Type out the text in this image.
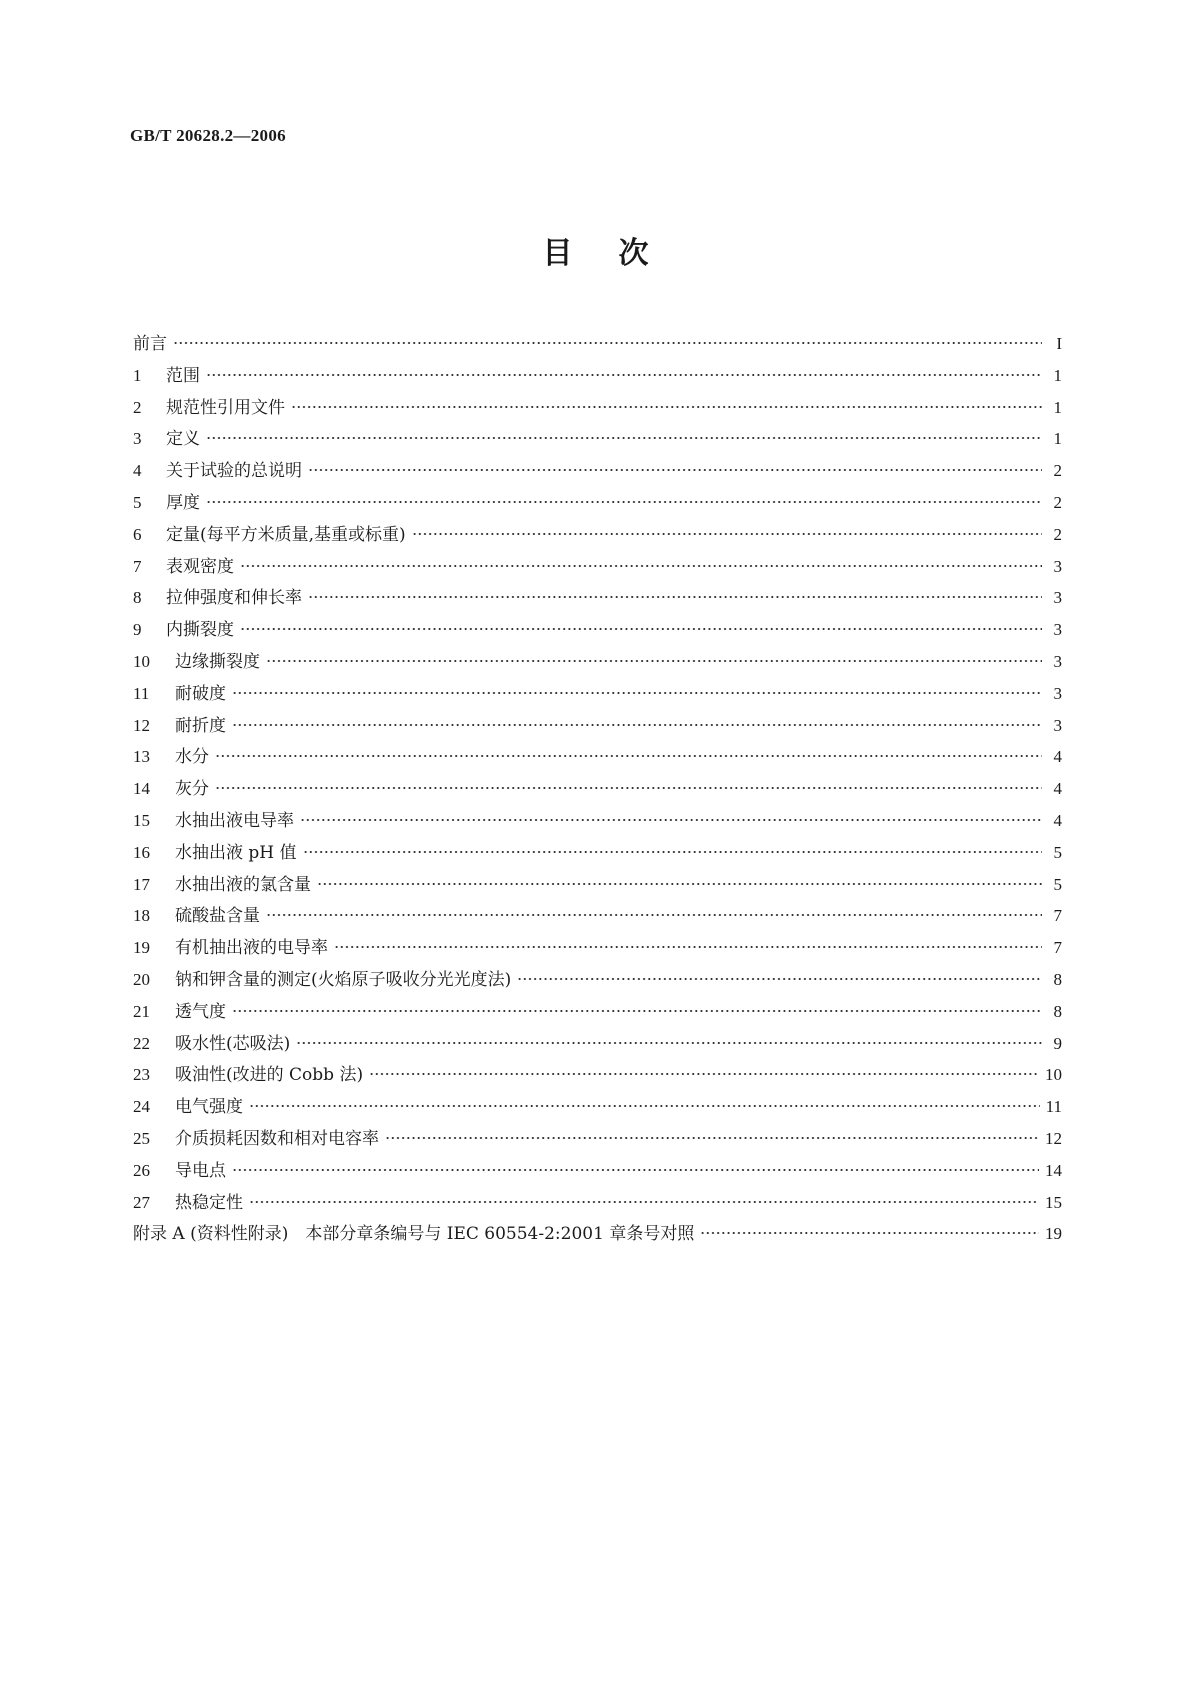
GB/T 20628.2—2006
目次
前言	I
1	范围	1
2	规范性引用文件	1
3	定义	1
4	关于试验的总说明	2
5	厚度	2
6	定量(每平方米质量,基重或标重)	2
7	表观密度	3
8	拉伸强度和伸长率	3
9	内撕裂度	3
10	边缘撕裂度	3
11	耐破度	3
12	耐折度	3
13	水分	4
14	灰分	4
15	水抽出液电导率	4
16	水抽出液 pH 值	5
17	水抽出液的氯含量	5
18	硫酸盐含量	7
19	有机抽出液的电导率	7
20	钠和钾含量的测定(火焰原子吸收分光光度法)	8
21	透气度	8
22	吸水性(芯吸法)	9
23	吸油性(改进的 Cobb 法)	10
24	电气强度	11
25	介质损耗因数和相对电容率	12
26	导电点	14
27	热稳定性	15
附录 A (资料性附录)　本部分章条编号与 IEC 60554-2:2001 章条号对照	19
